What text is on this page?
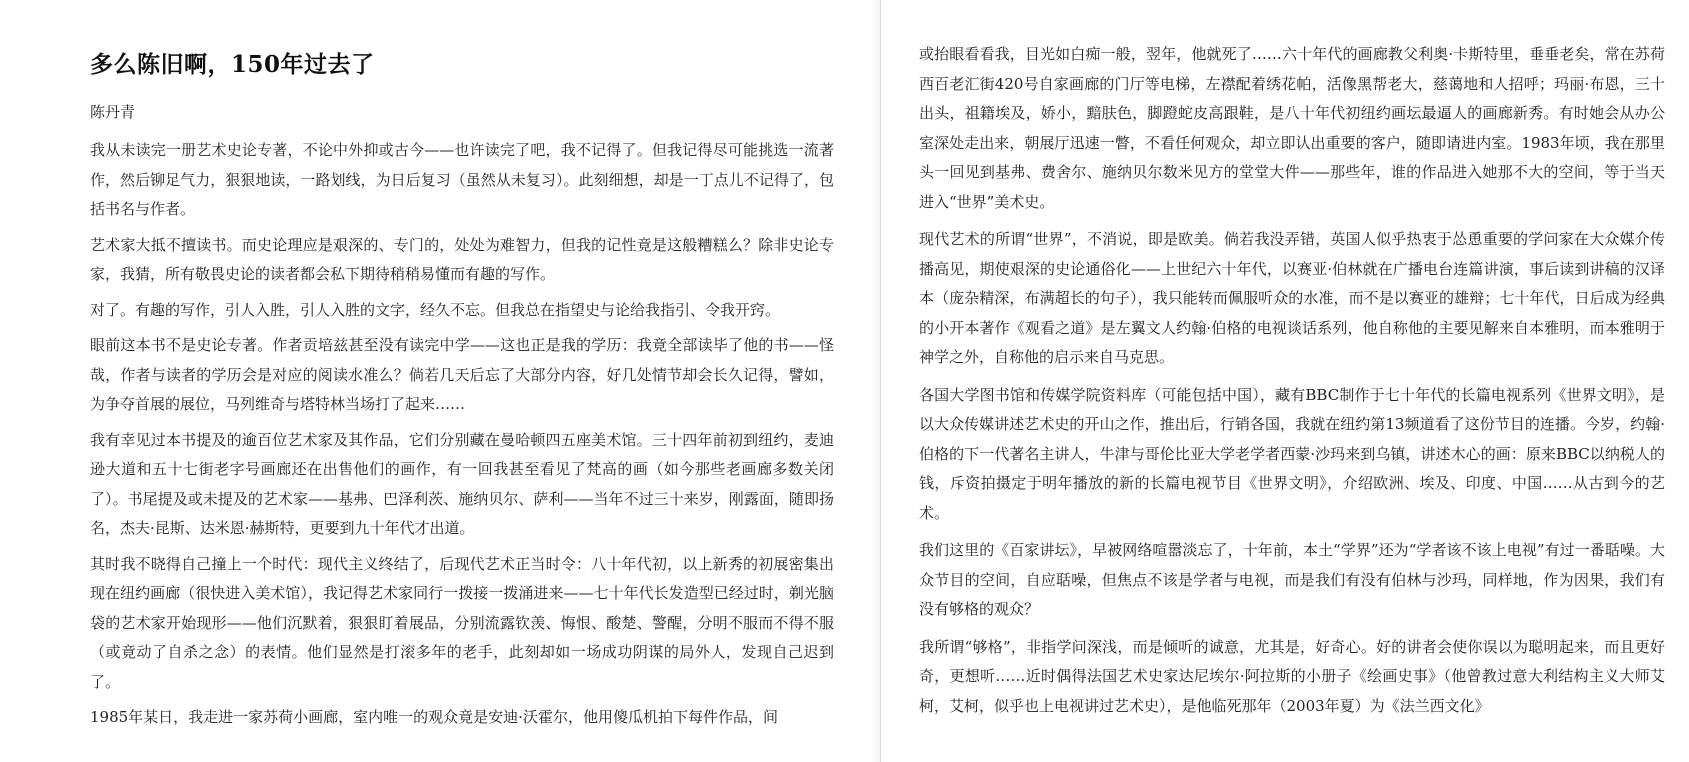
多么陈旧啊，150年过去了
陈丹青

我从未读完一册艺术史论专著，不论中外抑或古今——也许读完了吧，我不记得了。但我记得尽可能挑选一流著作，然后铆足气力，狠狠地读，一路划线，为日后复习（虽然从未复习）。此刻细想，却是一丁点儿不记得了，包括书名与作者。

艺术家大抵不擅读书。而史论理应是艰深的、专门的，处处为难智力，但我的记性竟是这般糟糕么？除非史论专家，我猜，所有敬畏史论的读者都会私下期待稍稍易懂而有趣的写作。

对了。有趣的写作，引人入胜，引人入胜的文字，经久不忘。但我总在指望史与论给我指引、令我开窍。

眼前这本书不是史论专著。作者贡培兹甚至没有读完中学——这也正是我的学历：我竟全部读毕了他的书——怪哉，作者与读者的学历会是对应的阅读水准么？倘若几天后忘了大部分内容，好几处情节却会长久记得，譬如，为争夺首展的展位，马列维奇与塔特林当场打了起来……

我有幸见过本书提及的逾百位艺术家及其作品，它们分别藏在曼哈顿四五座美术馆。三十四年前初到纽约，麦迪逊大道和五十七街老字号画廊还在出售他们的画作，有一回我甚至看见了梵高的画（如今那些老画廊多数关闭了）。书尾提及或未提及的艺术家——基弗、巴泽利茨、施纳贝尔、萨利——当年不过三十来岁，刚露面，随即扬名，杰夫·昆斯、达米恩·赫斯特，更要到九十年代才出道。

其时我不晓得自己撞上一个时代：现代主义终结了，后现代艺术正当时令：八十年代初，以上新秀的初展密集出现在纽约画廊（很快进入美术馆），我记得艺术家同行一拨接一拨涌进来——七十年代长发造型已经过时，剃光脑袋的艺术家开始现形——他们沉默着，狠狠盯着展品，分别流露钦羡、悔恨、酸楚、警醒，分明不服而不得不服（或竟动了自杀之念）的表情。他们显然是打滚多年的老手，此刻却如一场成功阴谋的局外人，发现自己迟到了。

1985年某日，我走进一家苏荷小画廊，室内唯一的观众竟是安迪·沃霍尔，他用傻瓜机拍下每件作品，间

或抬眼看看我，目光如白痴一般，翌年，他就死了……六十年代的画廊教父利奥·卡斯特里，垂垂老矣，常在苏荷西百老汇街420号自家画廊的门厅等电梯，左襟配着绣花帕，活像黑帮老大，慈蔼地和人招呼；玛丽·布恩，三十出头，祖籍埃及，娇小，黯肤色，脚蹬蛇皮高跟鞋，是八十年代初纽约画坛最逼人的画廊新秀。有时她会从办公室深处走出来，朝展厅迅速一瞥，不看任何观众，却立即认出重要的客户，随即请进内室。1983年顷，我在那里头一回见到基弗、费舍尔、施纳贝尔数米见方的堂堂大件——那些年，谁的作品进入她那不大的空间，等于当天进入“世界”美术史。

现代艺术的所谓“世界”，不消说，即是欧美。倘若我没弄错，英国人似乎热衷于怂恿重要的学问家在大众媒介传播高见，期使艰深的史论通俗化——上世纪六十年代，以赛亚·伯林就在广播电台连篇讲演，事后读到讲稿的汉译本（庞杂精深，布满超长的句子），我只能转而佩服听众的水准，而不是以赛亚的雄辩；七十年代，日后成为经典的小开本著作《观看之道》是左翼文人约翰·伯格的电视谈话系列，他自称他的主要见解来自本雅明，而本雅明于神学之外，自称他的启示来自马克思。

各国大学图书馆和传媒学院资料库（可能包括中国），藏有BBC制作于七十年代的长篇电视系列《世界文明》，是以大众传媒讲述艺术史的开山之作，推出后，行销各国，我就在纽约第13频道看了这份节目的连播。今岁，约翰·伯格的下一代著名主讲人，牛津与哥伦比亚大学老学者西蒙·沙玛来到乌镇，讲述木心的画：原来BBC以纳税人的钱，斥资拍摄定于明年播放的新的长篇电视节目《世界文明》，介绍欧洲、埃及、印度、中国……从古到今的艺术。

我们这里的《百家讲坛》，早被网络喧嚣淡忘了，十年前，本土“学界”还为“学者该不该上电视”有过一番聒噪。大众节目的空间，自应聒噪，但焦点不该是学者与电视，而是我们有没有伯林与沙玛，同样地，作为因果，我们有没有够格的观众？

我所谓“够格”，非指学问深浅，而是倾听的诚意，尤其是，好奇心。好的讲者会使你误以为聪明起来，而且更好奇，更想听……近时偶得法国艺术史家达尼埃尔·阿拉斯的小册子《绘画史事》（他曾教过意大利结构主义大师艾柯，艾柯，似乎也上电视讲过艺术史），是他临死那年（2003年夏）为《法兰西文化》
